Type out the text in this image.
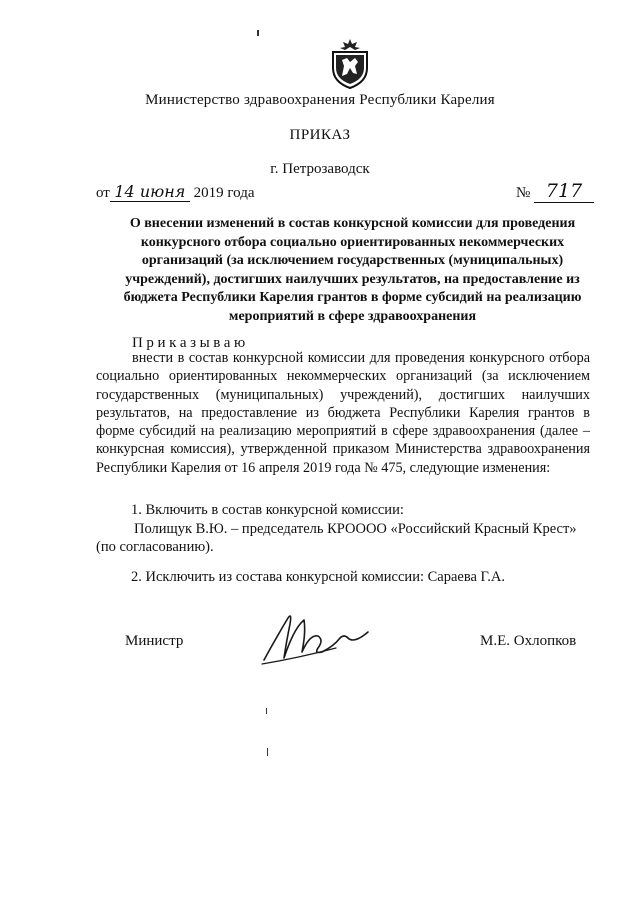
Министерство здравоохранения Республики Карелия
ПРИКАЗ
г. Петрозаводск
от 14 июня 2019 года	№ 717
О внесении изменений в состав конкурсной комиссии для проведения конкурсного отбора социально ориентированных некоммерческих организаций (за исключением государственных (муниципальных) учреждений), достигших наилучших результатов, на предоставление из бюджета Республики Карелия грантов в форме субсидий на реализацию мероприятий в сфере здравоохранения
Приказываю
внести в состав конкурсной комиссии для проведения конкурсного отбора социально ориентированных некоммерческих организаций (за исключением государственных (муниципальных) учреждений), достигших наилучших результатов, на предоставление из бюджета Республики Карелия грантов в форме субсидий на реализацию мероприятий в сфере здравоохранения (далее – конкурсная комиссия), утвержденной приказом Министерства здравоохранения Республики Карелия от 16 апреля 2019 года № 475, следующие изменения:
1. Включить в состав конкурсной комиссии:
Полищук В.Ю. – председатель КРОООО «Российский Красный Крест» (по согласованию).
2. Исключить из состава конкурсной комиссии: Сараева Г.А.
Министр	М.Е. Охлопков
